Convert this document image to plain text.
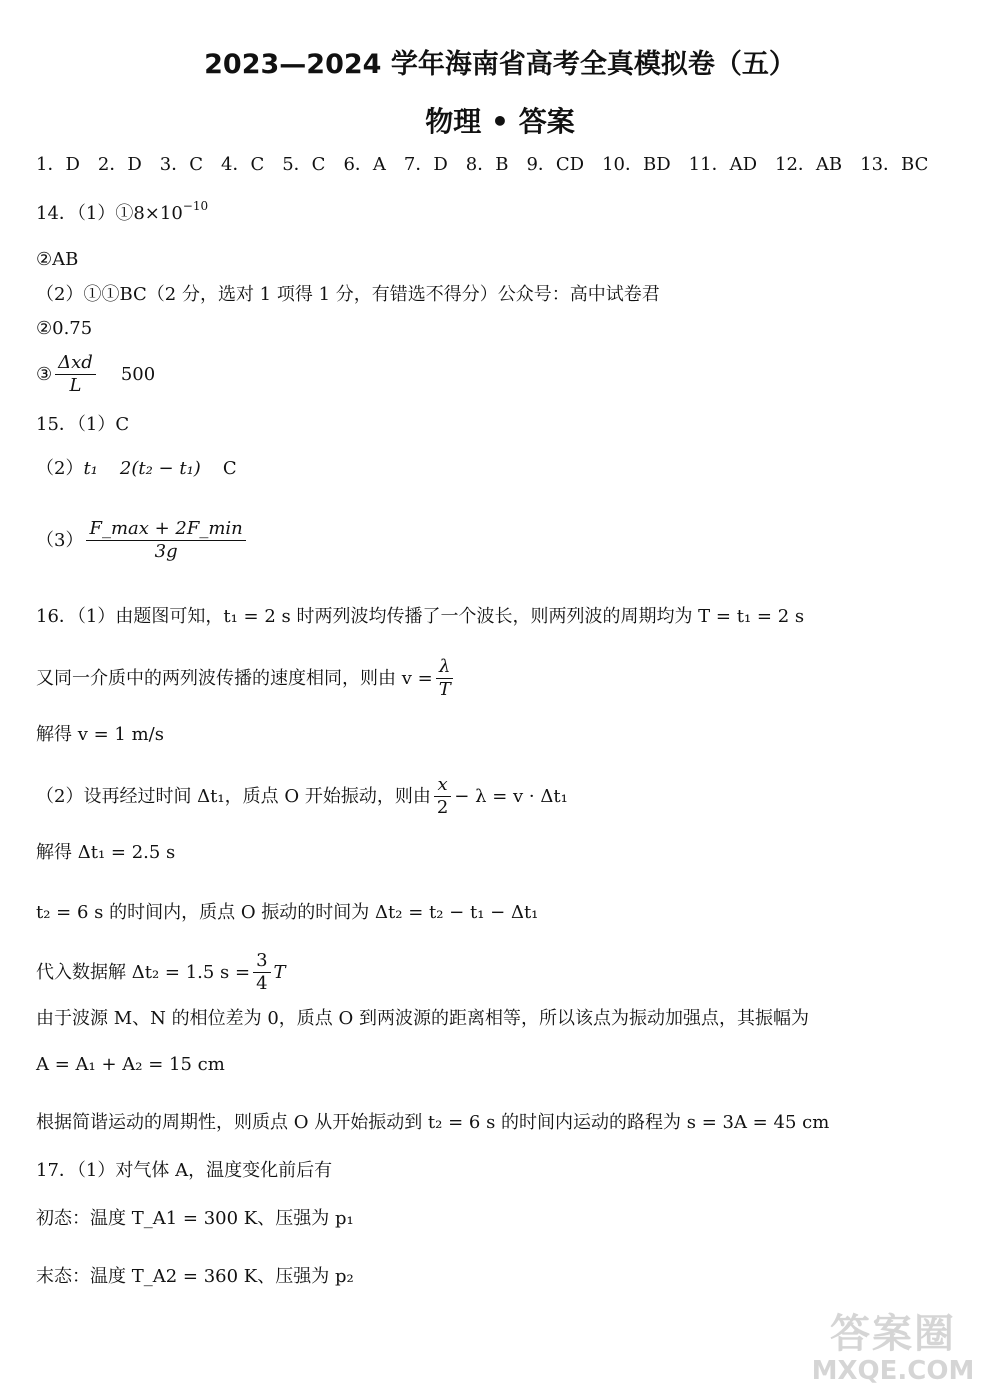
2023—2024 学年海南省高考全真模拟卷（五）
物理 • 答案
1．D　2．D　3．C　4．C　5．C　6．A　7．D　8．B　9．CD　10．BD　11．AD　12．AB　13．BC
14．$(1)①8\times 10^{-10}$
②AB
（2）①①BC（2 分，选对 1 项得 1 分，有错选不得分）公众号：高中试卷君
②0.75
③ $\frac{\text{Δxd}}{L} 500$
15．（1）C
（2） t₁ 2(t₂ − t₁) C
$(3) \frac{F\_\max + 2F\_\min}{3g}$
16．（1）由题图可知，t₁ = 2 s 时两列波均传播了一个波长，则两列波的周期均为 T = t₁ = 2 s
又同一介质中的两列波传播的速度相同，则由 $v = \frac{\lambda}{T}$
解得 v = 1 m/s
（2）设再经过时间 Δt₁，质点 O 开始振动，则由 $\frac{x}{2} - \lambda = v \cdot \Delta t_1$
解得 Δt₁ = 2.5 s
t₂ = 6 s 的时间内，质点 O 振动的时间为 Δt₂ = t₂ − t₁ − Δt₁
代入数据解 Δt₂ = 1.5 $s = \frac{3}{4}$ T
由于波源 M、N 的相位差为 0，质点 O 到两波源的距离相等，所以该点为振动加强点，其振幅为
A = A₁ + A₂ = 15 cm
根据简谐运动的周期性，则质点 O 从开始振动到 t₂ = 6 s 的时间内运动的路程为 s = 3A = 45 cm
17．（1）对气体 A，温度变化前后有
初态：温度 T_A1 = 300 K、压强为 p₁
末态：温度 T_A2 = 360 K、压强为 p₂
答案圈
MXQE.COM
